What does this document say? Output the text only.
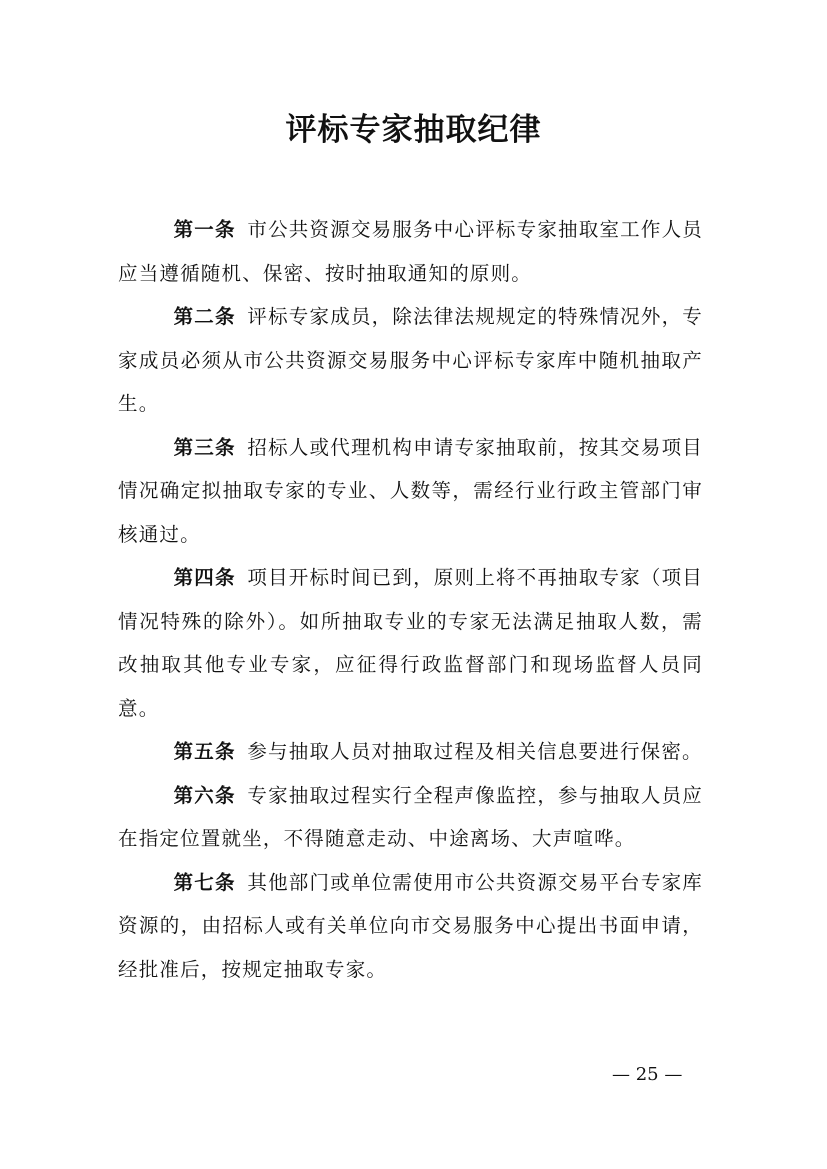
评标专家抽取纪律

第一条 市公共资源交易服务中心评标专家抽取室工作人员应当遵循随机、保密、按时抽取通知的原则。

第二条 评标专家成员，除法律法规规定的特殊情况外，专家成员必须从市公共资源交易服务中心评标专家库中随机抽取产生。

第三条 招标人或代理机构申请专家抽取前，按其交易项目情况确定拟抽取专家的专业、人数等，需经行业行政主管部门审核通过。

第四条 项目开标时间已到，原则上将不再抽取专家（项目情况特殊的除外）。如所抽取专业的专家无法满足抽取人数，需改抽取其他专业专家，应征得行政监督部门和现场监督人员同意。

第五条 参与抽取人员对抽取过程及相关信息要进行保密。

第六条 专家抽取过程实行全程声像监控，参与抽取人员应在指定位置就坐，不得随意走动、中途离场、大声喧哗。

第七条 其他部门或单位需使用市公共资源交易平台专家库资源的，由招标人或有关单位向市交易服务中心提出书面申请，经批准后，按规定抽取专家。

— 25 —
